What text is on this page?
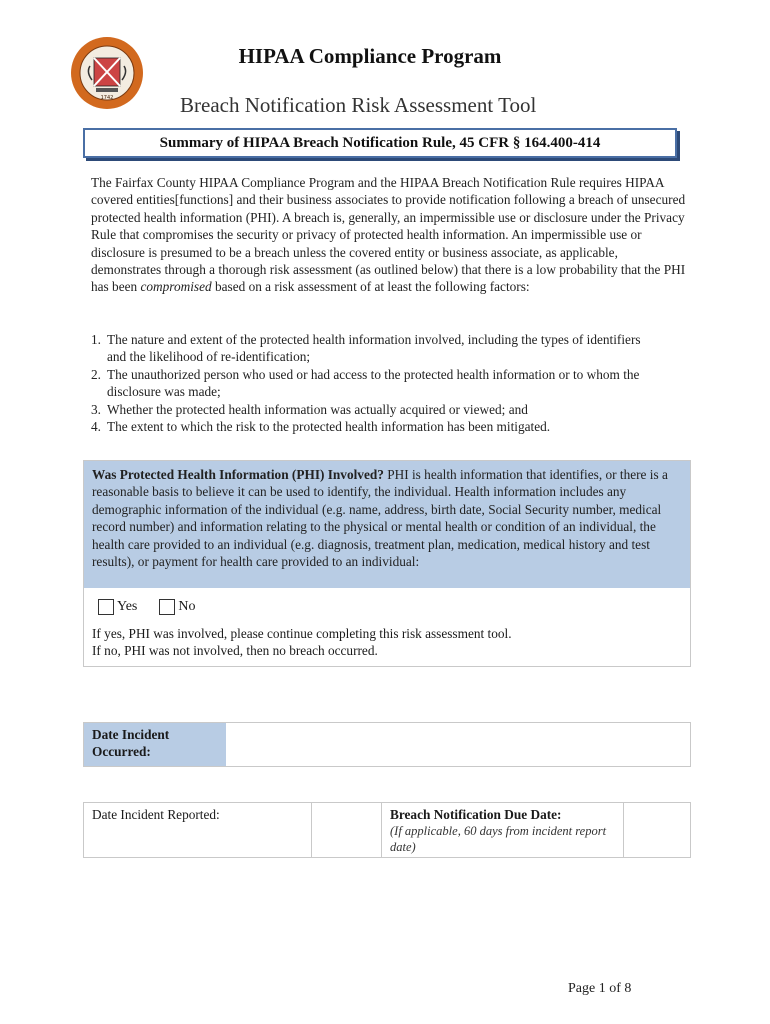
1742
HIPAA Compliance Program
Breach Notification Risk Assessment Tool
Summary of HIPAA Breach Notification Rule, 45 CFR § 164.400-414
The Fairfax County HIPAA Compliance Program and the HIPAA Breach Notification Rule requires HIPAA covered entities[functions] and their business associates to provide notification following a breach of unsecured protected health information (PHI). A breach is, generally, an impermissible use or disclosure under the Privacy Rule that compromises the security or privacy of protected health information. An impermissible use or disclosure is presumed to be a breach unless the covered entity or business associate, as applicable, demonstrates through a thorough risk assessment (as outlined below) that there is a low probability that the PHI has been compromised based on a risk assessment of at least the following factors:
1. The nature and extent of the protected health information involved, including the types of identifiers and the likelihood of re-identification;
2. The unauthorized person who used or had access to the protected health information or to whom the disclosure was made;
3. Whether the protected health information was actually acquired or viewed; and
4. The extent to which the risk to the protected health information has been mitigated.
Was Protected Health Information (PHI) Involved? PHI is health information that identifies, or there is a reasonable basis to believe it can be used to identify, the individual. Health information includes any demographic information of the individual (e.g. name, address, birth date, Social Security number, medical record number) and information relating to the physical or mental health or condition of an individual, the health care provided to an individual (e.g. diagnosis, treatment plan, medication, medical history and test results), or payment for health care provided to an individual:
Yes	No
If yes, PHI was involved, please continue completing this risk assessment tool.
If no, PHI was not involved, then no breach occurred.
Date Incident Occurred:
Date Incident Reported:	Breach Notification Due Date:
(If applicable, 60 days from incident report date)
Page 1 of 8
